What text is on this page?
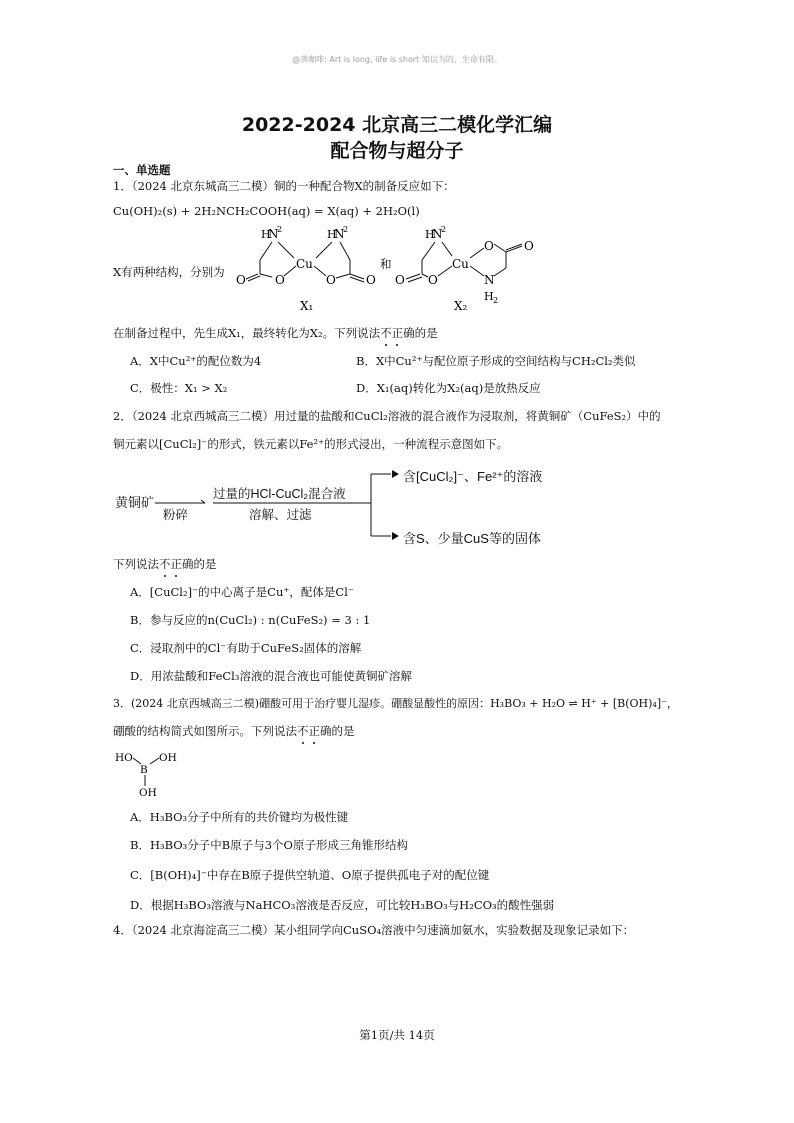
@蒸咖啡: Art is long, life is short 知以为的，生命有限。
2022-2024 北京高三二模化学汇编
配合物与超分子
一、单选题
1．（2024 北京东城高三二模）铜的一种配合物X的制备反应如下：
Cu(OH)₂(s) + 2H₂NCH₂COOH(aq) = X(aq) + 2H₂O(l)
X有两种结构，分别为
N
2
H	N
2
H
Cu
O	O
O	O
X₁
和
N
2
H
Cu
O
O
O	O
N
H 2
X₂
在制备过程中，先生成X₁，最终转化为X₂。下列说法不正确的是
A．X中Cu²⁺的配位数为4	B．X中Cu²⁺与配位原子形成的空间结构与CH₂Cl₂类似
C．极性：X₁ > X₂	D．X₁(aq)转化为X₂(aq)是放热反应
2．（2024 北京西城高三二模）用过量的盐酸和CuCl₂溶液的混合液作为浸取剂，将黄铜矿（CuFeS₂）中的
铜元素以[CuCl₂]⁻的形式，铁元素以Fe²⁺的形式浸出，一种流程示意图如下。
黄铜矿
粉碎
过量的HCl-CuCl₂混合液
溶解、过滤
含[CuCl₂]⁻、Fe²⁺的溶液
含S、少量CuS等的固体
下列说法不正确的是
A．[CuCl₂]⁻的中心离子是Cu⁺，配体是Cl⁻
B．参与反应的n(CuCl₂) : n(CuFeS₂) = 3 : 1
C．浸取剂中的Cl⁻有助于CuFeS₂固体的溶解
D．用浓盐酸和FeCl₃溶液的混合液也可能使黄铜矿溶解
3．(2024 北京西城高三二模)硼酸可用于治疗婴儿湿疹。硼酸显酸性的原因：H₃BO₃ + H₂O ⇌ H⁺ + [B(OH)₄]⁻，
硼酸的结构简式如图所示。下列说法不正确的是
HO
B
OH
OH
A．H₃BO₃分子中所有的共价键均为极性键
B．H₃BO₃分子中B原子与3个O原子形成三角锥形结构
C．[B(OH)₄]⁻中存在B原子提供空轨道、O原子提供孤电子对的配位键
D．根据H₃BO₃溶液与NaHCO₃溶液是否反应，可比较H₃BO₃与H₂CO₃的酸性强弱
4．（2024 北京海淀高三二模）某小组同学向CuSO₄溶液中匀速滴加氨水，实验数据及现象记录如下：
第1页/共 14页
